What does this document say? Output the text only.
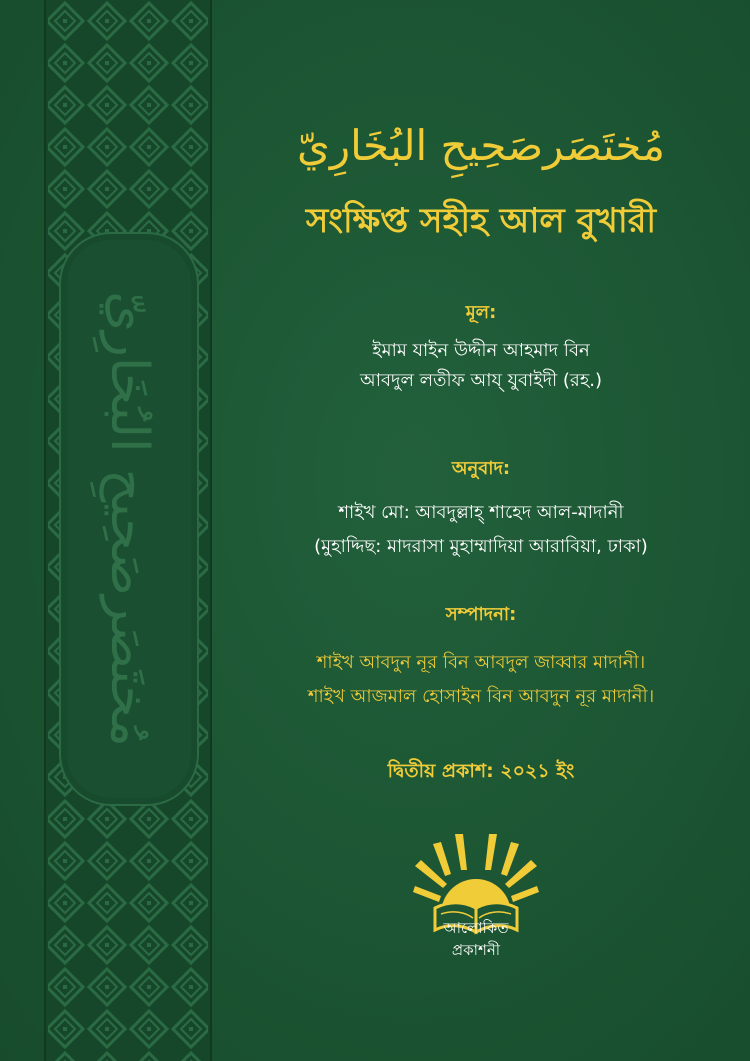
مُختَصَرصَحِيحِ البُخَارِيّ
مُختَصَرصَحِيحِ البُخَارِيّ
সংক্ষিপ্ত সহীহ আল বুখারী
মূল:
ইমাম যাইন উদ্দীন আহমাদ বিন
আবদুল লতীফ আয্ যুবাইদী (রহ.)
অনুবাদ:
শাইখ মো: আবদুল্লাহ্ শাহেদ আল-মাদানী
(মুহাদ্দিছ: মাদরাসা মুহাম্মাদিয়া আরাবিয়া, ঢাকা)
সম্পাদনা:
শাইখ আবদুন নূর বিন আবদুল জাব্বার মাদানী।
শাইখ আজমাল হোসাইন বিন আবদুন নূর মাদানী।
দ্বিতীয় প্রকাশ: ২০২১ ইং
আলোকিত
প্রকাশনী
